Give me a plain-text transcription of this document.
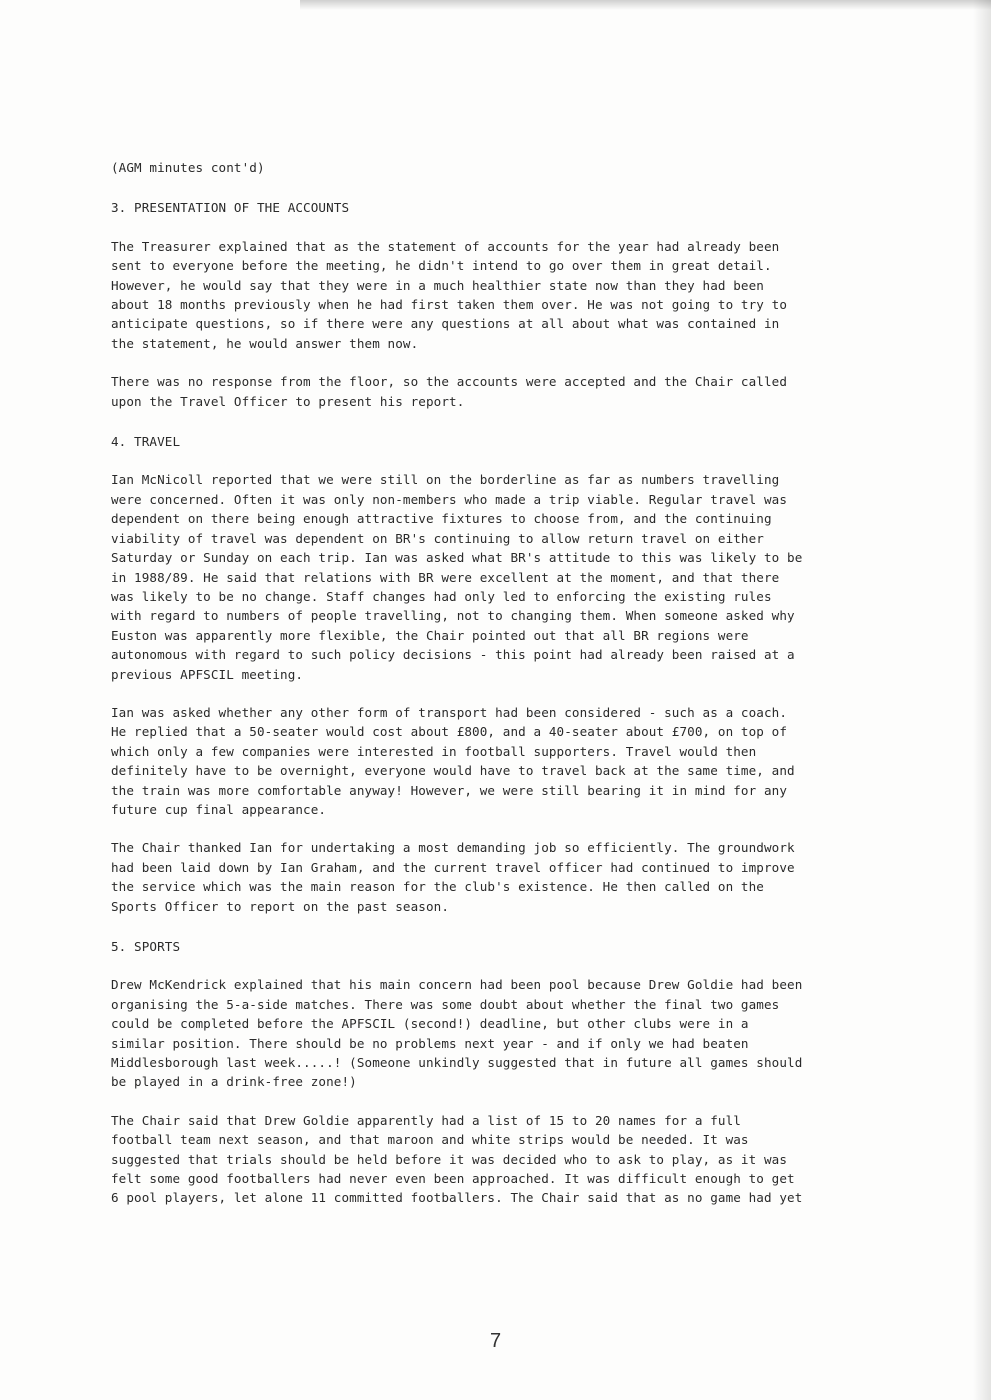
(AGM minutes cont'd)

3. PRESENTATION OF THE ACCOUNTS

The Treasurer explained that as the statement of accounts for the year had already been

sent to everyone before the meeting, he didn't intend to go over them in great detail.

However, he would say that they were in a much healthier state now than they had been

about 18 months previously when he had first taken them over. He was not going to try to

anticipate questions, so if there were any questions at all about what was contained in

the statement, he would answer them now.

There was no response from the floor, so the accounts were accepted and the Chair called

upon the Travel Officer to present his report.

4. TRAVEL

Ian McNicoll reported that we were still on the borderline as far as numbers travelling

were concerned. Often it was only non-members who made a trip viable. Regular travel was

dependent on there being enough attractive fixtures to choose from, and the continuing

viability of travel was dependent on BR's continuing to allow return travel on either

Saturday or Sunday on each trip. Ian was asked what BR's attitude to this was likely to be

in 1988/89. He said that relations with BR were excellent at the moment, and that there

was likely to be no change. Staff changes had only led to enforcing the existing rules

with regard to numbers of people travelling, not to changing them. When someone asked why

Euston was apparently more flexible, the Chair pointed out that all BR regions were

autonomous with regard to such policy decisions - this point had already been raised at a

previous APFSCIL meeting.

Ian was asked whether any other form of transport had been considered - such as a coach.

He replied that a 50-seater would cost about £800, and a 40-seater about £700, on top of

which only a few companies were interested in football supporters. Travel would then

definitely have to be overnight, everyone would have to travel back at the same time, and

the train was more comfortable anyway! However, we were still bearing it in mind for any

future cup final appearance.

The Chair thanked Ian for undertaking a most demanding job so efficiently. The groundwork

had been laid down by Ian Graham, and the current travel officer had continued to improve

the service which was the main reason for the club's existence. He then called on the

Sports Officer to report on the past season.

5. SPORTS

Drew McKendrick explained that his main concern had been pool because Drew Goldie had been

organising the 5-a-side matches. There was some doubt about whether the final two games

could be completed before the APFSCIL (second!) deadline, but other clubs were in a

similar position. There should be no problems next year - and if only we had beaten

Middlesborough last week.....! (Someone unkindly suggested that in future all games should

be played in a drink-free zone!)

The Chair said that Drew Goldie apparently had a list of 15 to 20 names for a full

football team next season, and that maroon and white strips would be needed. It was

suggested that trials should be held before it was decided who to ask to play, as it was

felt some good footballers had never even been approached. It was difficult enough to get

6 pool players, let alone 11 committed footballers. The Chair said that as no game had yet

7
